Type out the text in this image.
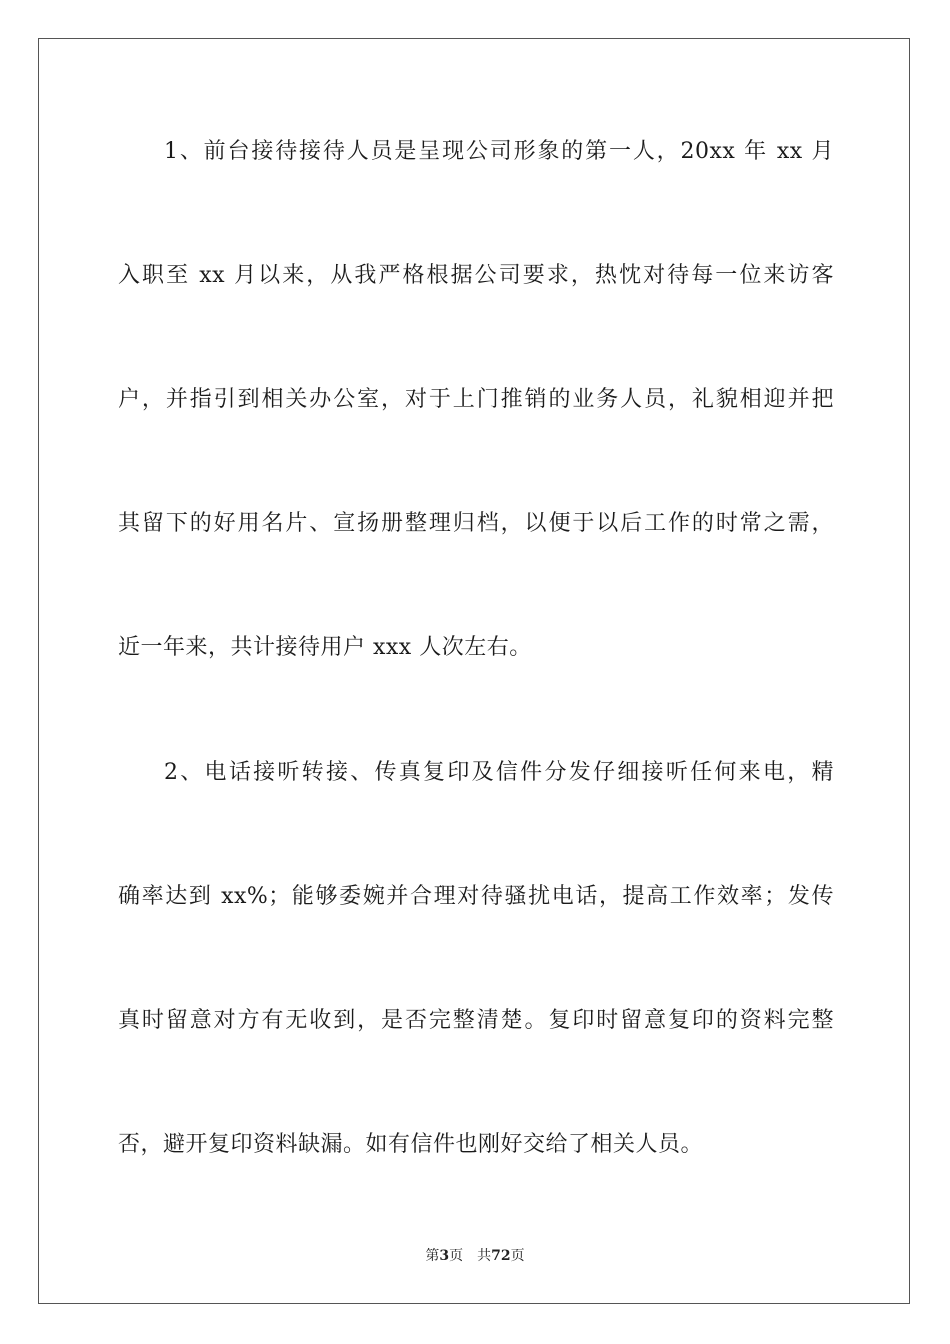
1、前台接待接待人员是呈现公司形象的第一人，20xx 年 xx 月
入职至 xx 月以来，从我严格根据公司要求，热忱对待每一位来访客
户，并指引到相关办公室，对于上门推销的业务人员，礼貌相迎并把
其留下的好用名片、宣扬册整理归档，以便于以后工作的时常之需，
近一年来，共计接待用户 xxx 人次左右。
2、电话接听转接、传真复印及信件分发仔细接听任何来电，精
确率达到 xx%；能够委婉并合理对待骚扰电话，提高工作效率；发传
真时留意对方有无收到，是否完整清楚。复印时留意复印的资料完整
否，避开复印资料缺漏。如有信件也刚好交给了相关人员。
第3页 共72页
